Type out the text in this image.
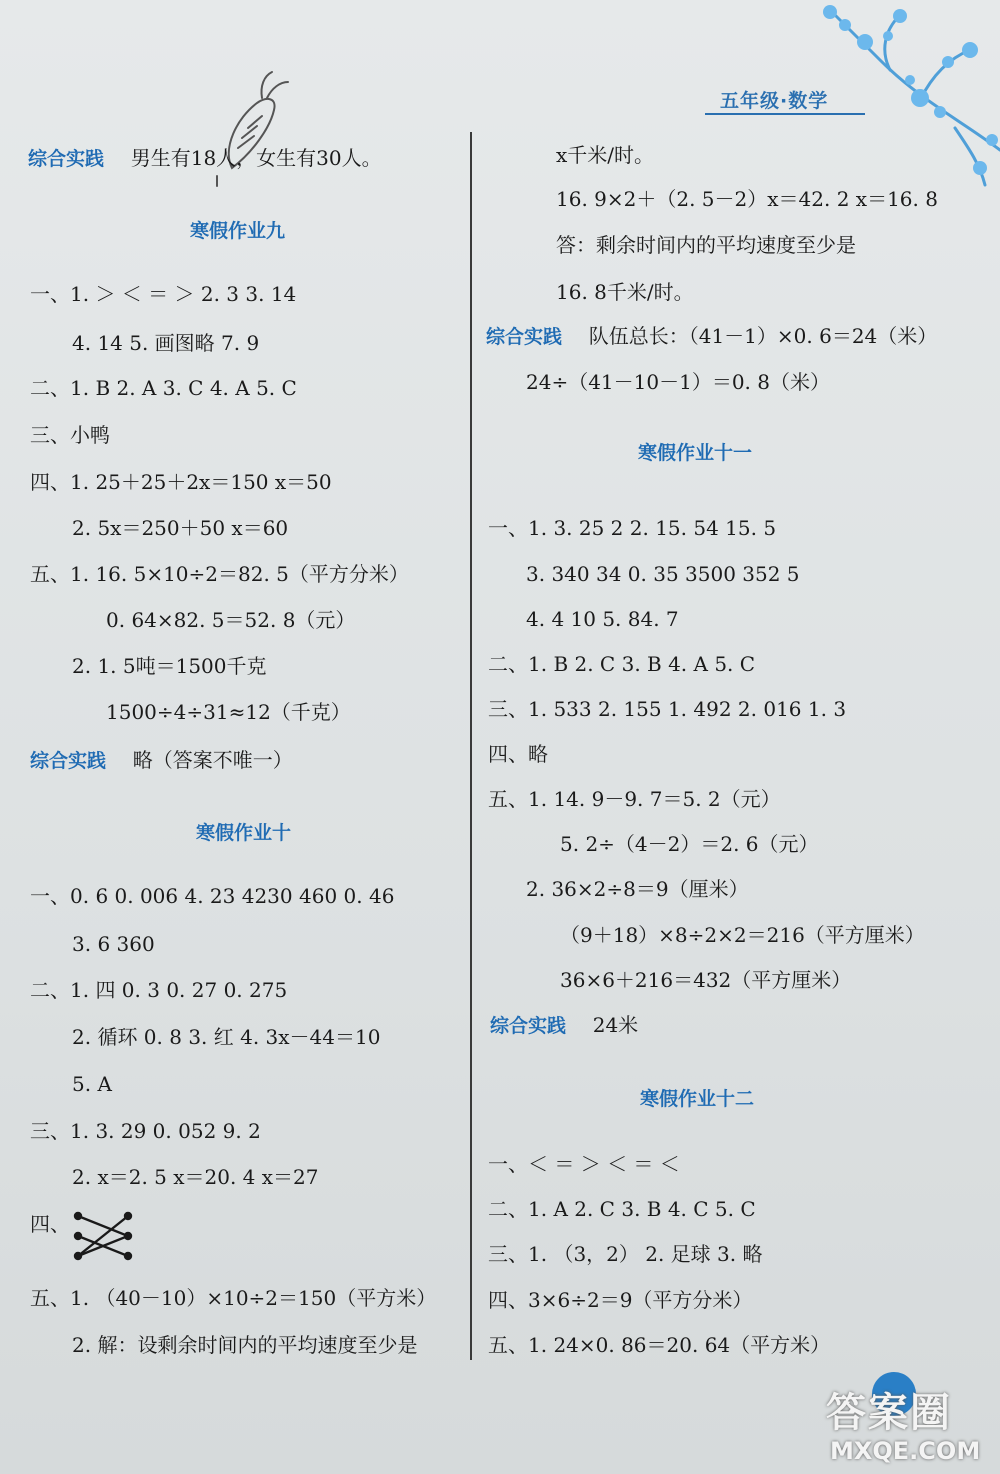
五年级·数学
综合实践 男生有18人，女生有30人。
寒假作业九
一、1. ＞ ＜ ＝ ＞ 2. 3 3. 14
4. 14 5. 画图略 7. 9
二、1. B 2. A 3. C 4. A 5. C
三、小鸭
四、1. 25＋25＋2x＝150 x＝50
2. 5x＝250＋50 x＝60
五、1. 16. 5×10÷2＝82. 5（平方分米）
0. 64×82. 5＝52. 8（元）
2. 1. 5吨＝1500千克
1500÷4÷31≈12（千克）
综合实践 略（答案不唯一）
寒假作业十
一、0. 6 0. 006 4. 23 4230 460 0. 46
3. 6 360
二、1. 四 0. 3 0. 27 0. 275
2. 循环 0. 8 3. 红 4. 3x－44＝10
5. A
三、1. 3. 29 0. 052 9. 2
2. x＝2. 5 x＝20. 4 x＝27
四、
五、1. （40－10）×10÷2＝150（平方米）
2. 解：设剩余时间内的平均速度至少是
x千米/时。
16. 9×2＋（2. 5－2）x＝42. 2 x＝16. 8
答：剩余时间内的平均速度至少是
16. 8千米/时。
综合实践 队伍总长：（41－1）×0. 6＝24（米）
24÷（41－10－1）＝0. 8（米）
寒假作业十一
一、1. 3. 25 2 2. 15. 54 15. 5
3. 340 34 0. 35 3500 352 5
4. 4 10 5. 84. 7
二、1. B 2. C 3. B 4. A 5. C
三、1. 533 2. 155 1. 492 2. 016 1. 3
四、略
五、1. 14. 9－9. 7＝5. 2（元）
5. 2÷（4－2）＝2. 6（元）
2. 36×2÷8＝9（厘米）
（9＋18）×8÷2×2＝216（平方厘米）
36×6＋216＝432（平方厘米）
综合实践 24米
寒假作业十二
一、＜ ＝ ＞ ＜ ＝ ＜
二、1. A 2. C 3. B 4. C 5. C
三、1. （3，2） 2. 足球 3. 略
四、3×6÷2＝9（平方分米）
五、1. 24×0. 86＝20. 64（平方米）
答案圈
MXQE.COM
